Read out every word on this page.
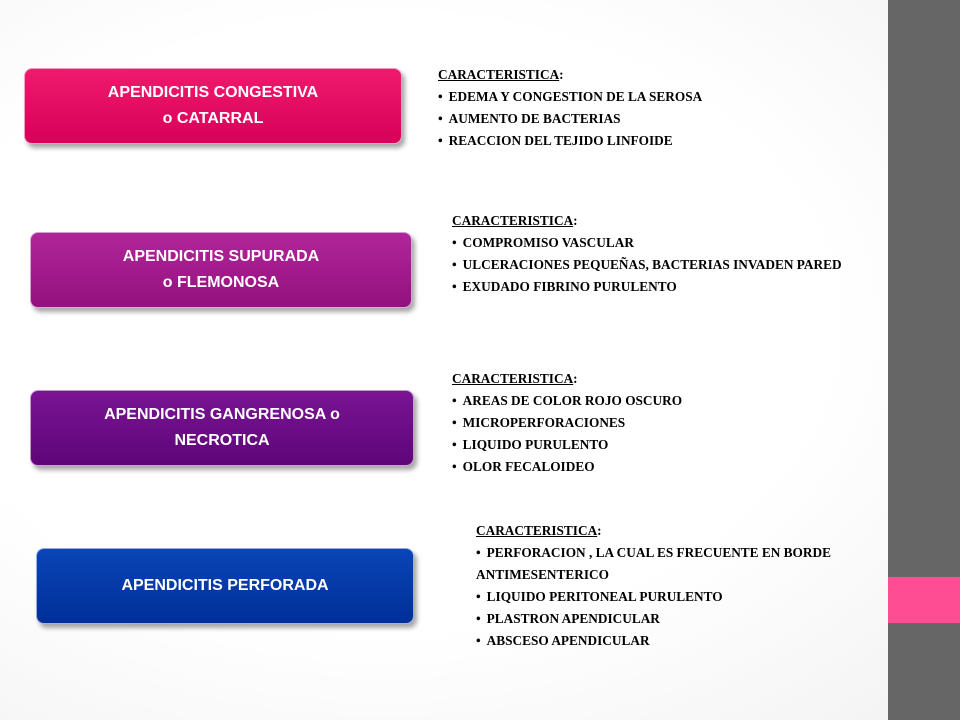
APENDICITIS CONGESTIVA
o CATARRAL
CARACTERISTICA:
• EDEMA Y CONGESTION DE LA SEROSA
• AUMENTO DE BACTERIAS
• REACCION DEL TEJIDO LINFOIDE
APENDICITIS SUPURADA
o FLEMONOSA
CARACTERISTICA:
• COMPROMISO VASCULAR
• ULCERACIONES PEQUEÑAS, BACTERIAS INVADEN PARED
• EXUDADO FIBRINO PURULENTO
APENDICITIS GANGRENOSA o
NECROTICA
CARACTERISTICA:
• AREAS DE COLOR ROJO OSCURO
• MICROPERFORACIONES
• LIQUIDO PURULENTO
• OLOR FECALOIDEO
APENDICITIS PERFORADA
CARACTERISTICA:
• PERFORACION , LA CUAL ES FRECUENTE EN BORDE ANTIMESENTERICO
• LIQUIDO PERITONEAL PURULENTO
• PLASTRON APENDICULAR
• ABSCESO APENDICULAR
